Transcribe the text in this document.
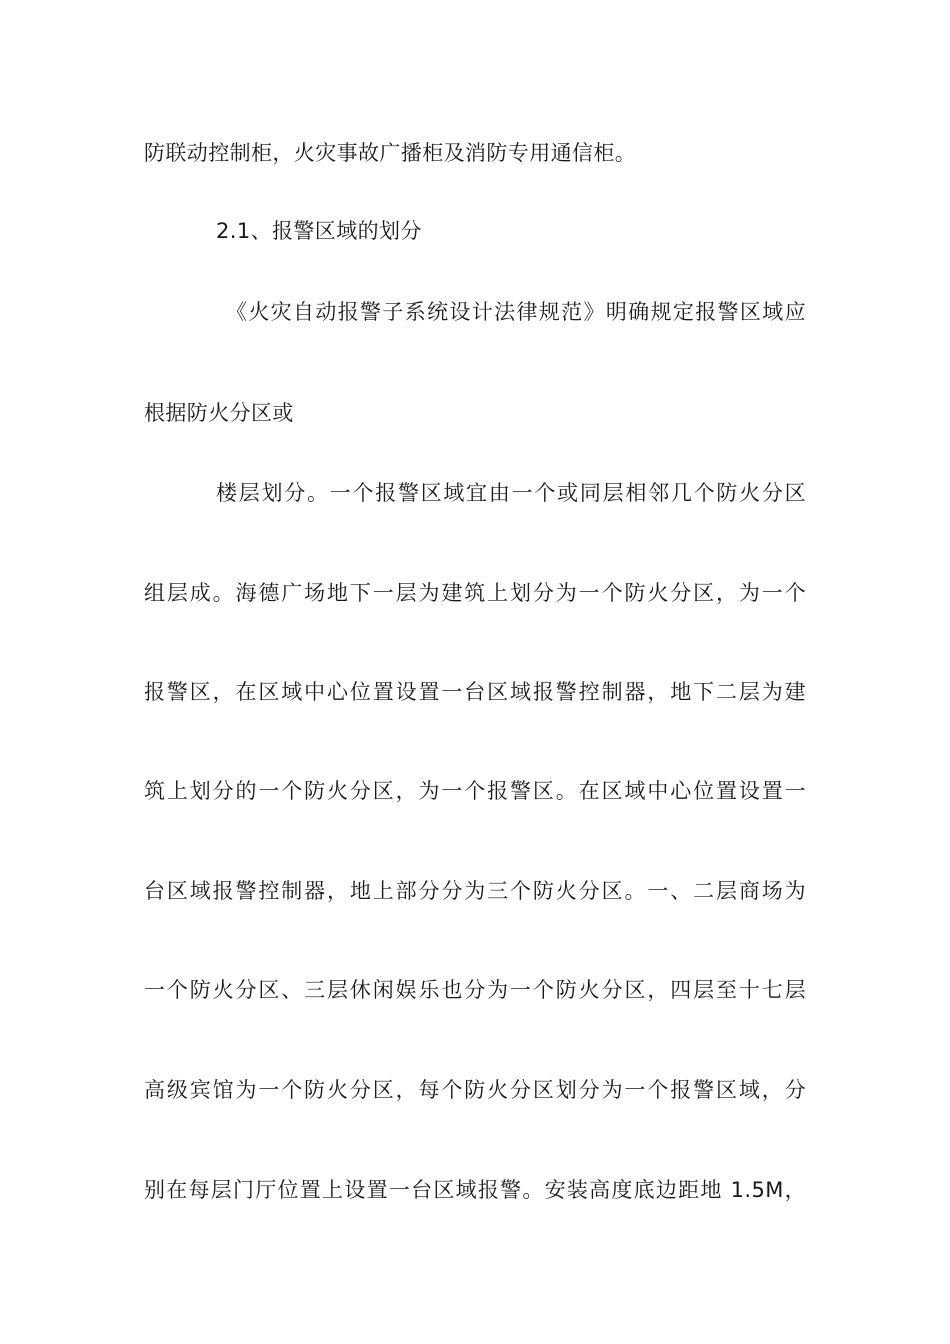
防联动控制柜，火灾事故广播柜及消防专用通信柜。
2.1、报警区域的划分
《火灾自动报警子系统设计法律规范》明确规定报警区域应
根据防火分区或
楼层划分。一个报警区域宜由一个或同层相邻几个防火分区
组层成。海德广场地下一层为建筑上划分为一个防火分区，为一个
报警区，在区域中心位置设置一台区域报警控制器，地下二层为建
筑上划分的一个防火分区，为一个报警区。在区域中心位置设置一
台区域报警控制器，地上部分分为三个防火分区。一、二层商场为
一个防火分区、三层休闲娱乐也分为一个防火分区，四层至十七层
高级宾馆为一个防火分区，每个防火分区划分为一个报警区域，分
别在每层门厅位置上设置一台区域报警。安装高度底边距地 1.5M，
